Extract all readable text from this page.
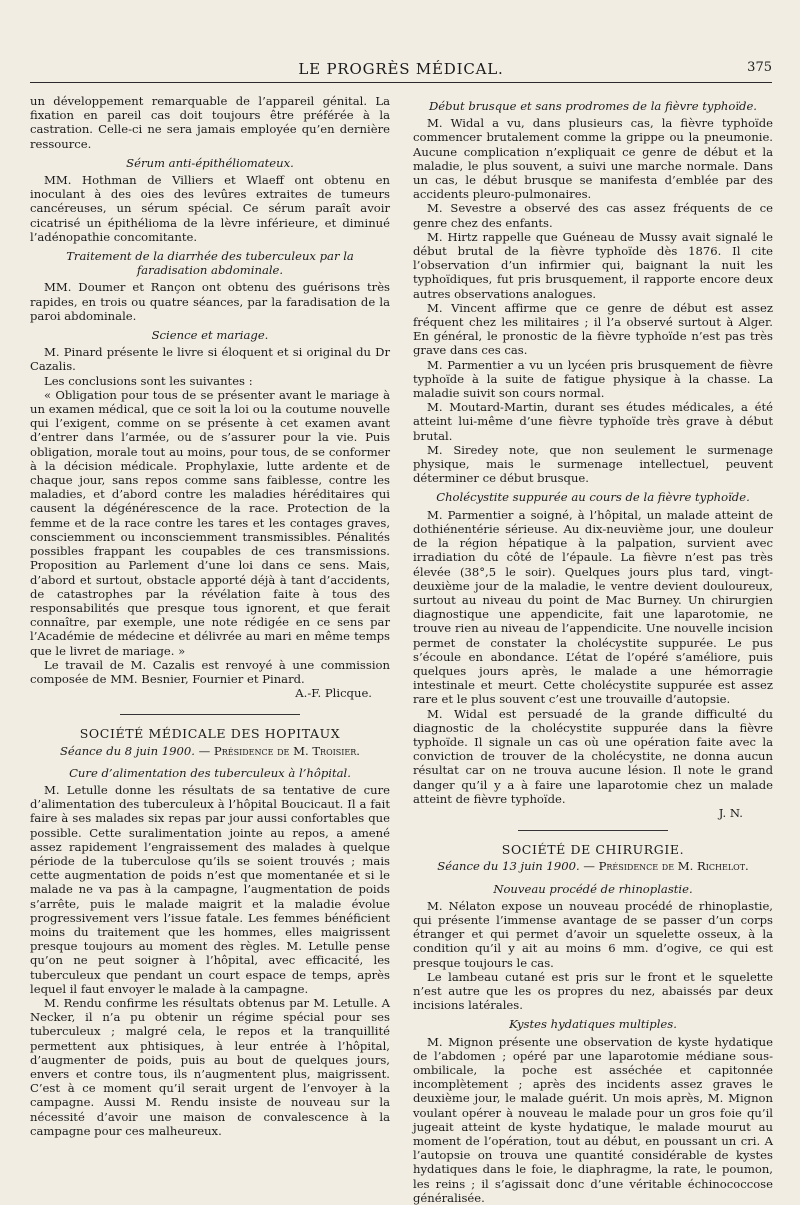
LE PROGRÈS MÉDICAL.	375

un développement remarquable de l’appareil génital. La fixation en pareil cas doit toujours être préférée à la castration. Celle-ci ne sera jamais employée qu’en dernière ressource.

Sérum anti-épithéliomateux.

MM. Hothman de Villiers et Wlaeff ont obtenu en inoculant à des oies des levûres extraites de tumeurs cancéreuses, un sérum spécial. Ce sérum paraît avoir cicatrisé un épithélioma de la lèvre inférieure, et diminué l’adénopathie concomitante.

Traitement de la diarrhée des tuberculeux par la faradisation abdominale.

MM. Doumer et Rançon ont obtenu des guérisons très rapides, en trois ou quatre séances, par la faradisation de la paroi abdominale.

Science et mariage.

M. Pinard présente le livre si éloquent et si original du Dr Cazalis.

Les conclusions sont les suivantes :

« Obligation pour tous de se présenter avant le mariage à un examen médical, que ce soit la loi ou la coutume nouvelle qui l’exigent, comme on se présente à cet examen avant d’entrer dans l’armée, ou de s’assurer pour la vie. Puis obligation, morale tout au moins, pour tous, de se conformer à la décision médicale. Prophylaxie, lutte ardente et de chaque jour, sans repos comme sans faiblesse, contre les maladies, et d’abord contre les maladies héréditaires qui causent la dégénérescence de la race. Protection de la femme et de la race contre les tares et les contages graves, consciemment ou inconsciemment transmissibles. Pénalités possibles frappant les coupables de ces transmissions. Proposition au Parlement d’une loi dans ce sens. Mais, d’abord et surtout, obstacle apporté déjà à tant d’accidents, de catastrophes par la révélation faite à tous des responsabilités que presque tous ignorent, et que ferait connaître, par exemple, une note rédigée en ce sens par l’Académie de médecine et délivrée au mari en même temps que le livret de mariage. »

Le travail de M. Cazalis est renvoyé à une commission composée de MM. Besnier, Fournier et Pinard.

A.-F. Plicque.

SOCIÉTÉ MÉDICALE DES HOPITAUX

Séance du 8 juin 1900. — Présidence de M. Troisier.

Cure d’alimentation des tuberculeux à l’hôpital.

M. Letulle donne les résultats de sa tentative de cure d’alimentation des tuberculeux à l’hôpital Boucicaut. Il a fait faire à ses malades six repas par jour aussi confortables que possible. Cette suralimentation jointe au repos, a amené assez rapidement l’engraissement des malades à quelque période de la tuberculose qu’ils se soient trouvés ; mais cette augmentation de poids n’est que momentanée et si le malade ne va pas à la campagne, l’augmentation de poids s’arrête, puis le malade maigrit et la maladie évolue progressivement vers l’issue fatale. Les femmes bénéficient moins du traitement que les hommes, elles maigrissent presque toujours au moment des règles. M. Letulle pense qu’on ne peut soigner à l’hôpital, avec efficacité, les tuberculeux que pendant un court espace de temps, après lequel il faut envoyer le malade à la campagne.

M. Rendu confirme les résultats obtenus par M. Letulle. A Necker, il n’a pu obtenir un régime spécial pour ses tuberculeux ; malgré cela, le repos et la tranquillité permettent aux phtisiques, à leur entrée à l’hôpital, d’augmenter de poids, puis au bout de quelques jours, envers et contre tous, ils n’augmentent plus, maigrissent. C’est à ce moment qu’il serait urgent de l’envoyer à la campagne. Aussi M. Rendu insiste de nouveau sur la nécessité d’avoir une maison de convalescence à la campagne pour ces malheureux.

Début brusque et sans prodromes de la fièvre typhoïde.

M. Widal a vu, dans plusieurs cas, la fièvre typhoïde commencer brutalement comme la grippe ou la pneumonie. Aucune complication n’expliquait ce genre de début et la maladie, le plus souvent, a suivi une marche normale. Dans un cas, le début brusque se manifesta d’emblée par des accidents pleuro-pulmonaires.

M. Sevestre a observé des cas assez fréquents de ce genre chez des enfants.

M. Hirtz rappelle que Guéneau de Mussy avait signalé le début brutal de la fièvre typhoïde dès 1876. Il cite l’observation d’un infirmier qui, baignant la nuit les typhoïdiques, fut pris brusquement, il rapporte encore deux autres observations analogues.

M. Vincent affirme que ce genre de début est assez fréquent chez les militaires ; il l’a observé surtout à Alger. En général, le pronostic de la fièvre typhoïde n’est pas très grave dans ces cas.

M. Parmentier a vu un lycéen pris brusquement de fièvre typhoïde à la suite de fatigue physique à la chasse. La maladie suivit son cours normal.

M. Moutard-Martin, durant ses études médicales, a été atteint lui-même d’une fièvre typhoïde très grave à début brutal.

M. Siredey note, que non seulement le surmenage physique, mais le surmenage intellectuel, peuvent déterminer ce début brusque.

Cholécystite suppurée au cours de la fièvre typhoïde.

M. Parmentier a soigné, à l’hôpital, un malade atteint de dothiénentérie sérieuse. Au dix-neuvième jour, une douleur de la région hépatique à la palpation, survient avec irradiation du côté de l’épaule. La fièvre n’est pas très élevée (38°,5 le soir). Quelques jours plus tard, vingt-deuxième jour de la maladie, le ventre devient douloureux, surtout au niveau du point de Mac Burney. Un chirurgien diagnostique une appendicite, fait une laparotomie, ne trouve rien au niveau de l’appendicite. Une nouvelle incision permet de constater la cholécystite suppurée. Le pus s’écoule en abondance. L’état de l’opéré s’améliore, puis quelques jours après, le malade a une hémorragie intestinale et meurt. Cette cholécystite suppurée est assez rare et le plus souvent c’est une trouvaille d’autopsie.

M. Widal est persuadé de la grande difficulté du diagnostic de la cholécystite suppurée dans la fièvre typhoïde. Il signale un cas où une opération faite avec la conviction de trouver de la cholécystite, ne donna aucun résultat car on ne trouva aucune lésion. Il note le grand danger qu’il y a à faire une laparotomie chez un malade atteint de fièvre typhoïde.

J. N.

SOCIÉTÉ DE CHIRURGIE.

Séance du 13 juin 1900. — Présidence de M. Richelot.

Nouveau procédé de rhinoplastie.

M. Nélaton expose un nouveau procédé de rhinoplastie, qui présente l’immense avantage de se passer d’un corps étranger et qui permet d’avoir un squelette osseux, à la condition qu’il y ait au moins 6 mm. d’ogive, ce qui est presque toujours le cas.

Le lambeau cutané est pris sur le front et le squelette n’est autre que les os propres du nez, abaissés par deux incisions latérales.

Kystes hydatiques multiples.

M. Mignon présente une observation de kyste hydatique de l’abdomen ; opéré par une laparotomie médiane sous-ombilicale, la poche est asséchée et capitonnée incomplètement ; après des incidents assez graves le deuxième jour, le malade guérit. Un mois après, M. Mignon voulant opérer à nouveau le malade pour un gros foie qu’il jugeait atteint de kyste hydatique, le malade mourut au moment de l’opération, tout au début, en poussant un cri. A l’autopsie on trouva une quantité considérable de kystes hydatiques dans le foie, le diaphragme, la rate, le poumon, les reins ; il s’agissait donc d’une véritable échinococcose généralisée.
